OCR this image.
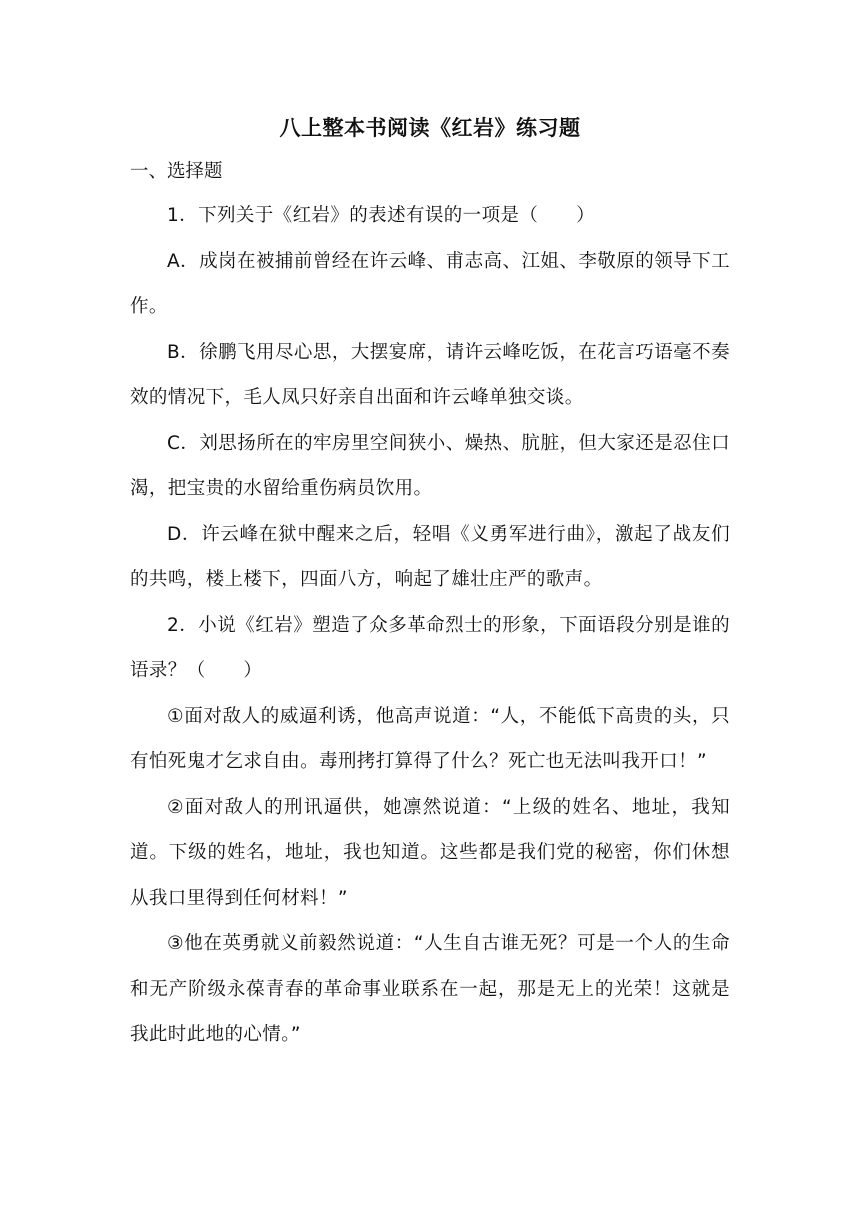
八上整本书阅读《红岩》练习题

一、选择题

1．下列关于《红岩》的表述有误的一项是（　　）

A．成岗在被捕前曾经在许云峰、甫志高、江姐、李敬原的领导下工作。

B．徐鹏飞用尽心思，大摆宴席，请许云峰吃饭，在花言巧语毫不奏效的情况下，毛人凤只好亲自出面和许云峰单独交谈。

C．刘思扬所在的牢房里空间狭小、燥热、肮脏，但大家还是忍住口渴，把宝贵的水留给重伤病员饮用。

D．许云峰在狱中醒来之后，轻唱《义勇军进行曲》，激起了战友们的共鸣，楼上楼下，四面八方，响起了雄壮庄严的歌声。

2．小说《红岩》塑造了众多革命烈士的形象，下面语段分别是谁的语录？（　　）

①面对敌人的威逼利诱，他高声说道：“人，不能低下高贵的头，只有怕死鬼才乞求自由。毒刑拷打算得了什么？死亡也无法叫我开口！”

②面对敌人的刑讯逼供，她凛然说道：“上级的姓名、地址，我知道。下级的姓名，地址，我也知道。这些都是我们党的秘密，你们休想从我口里得到任何材料！”

③他在英勇就义前毅然说道：“人生自古谁无死？可是一个人的生命和无产阶级永葆青春的革命事业联系在一起，那是无上的光荣！这就是我此时此地的心情。”
